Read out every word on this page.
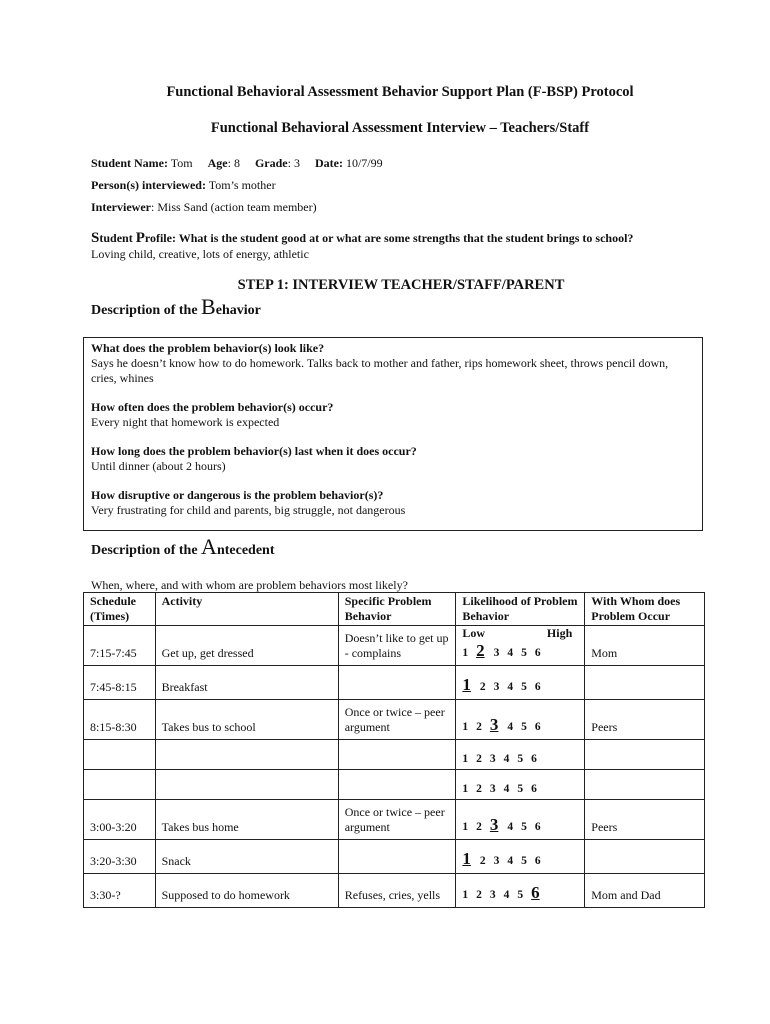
Functional Behavioral Assessment Behavior Support Plan (F-BSP) Protocol
Functional Behavioral Assessment Interview – Teachers/Staff
Student Name: Tom Age: 8 Grade: 3 Date: 10/7/99
Person(s) interviewed: Tom’s mother
Interviewer: Miss Sand (action team member)
Student Profile: What is the student good at or what are some strengths that the student brings to school?
Loving child, creative, lots of energy, athletic
STEP 1: INTERVIEW TEACHER/STAFF/PARENT
Description of the Behavior
What does the problem behavior(s) look like?
Says he doesn’t know how to do homework. Talks back to mother and father, rips homework sheet, throws pencil down, cries, whines
How often does the problem behavior(s) occur?
Every night that homework is expected
How long does the problem behavior(s) last when it does occur?
Until dinner (about 2 hours)
How disruptive or dangerous is the problem behavior(s)?
Very frustrating for child and parents, big struggle, not dangerous
Description of the Antecedent
When, where, and with whom are problem behaviors most likely?
Schedule (Times)	Activity	Specific Problem Behavior	Likelihood of Problem Behavior	With Whom does Problem Occur

7:15-7:45	Get up, get dressed	Doesn’t like to get up - complains	Low High
1 2 3 4 5 6	Mom

7:45-8:15	Breakfast		1 2 3 4 5 6	

8:15-8:30	Takes bus to school	Once or twice – peer argument	1 2 3 4 5 6	Peers

			1 2 3 4 5 6	

			1 2 3 4 5 6	

3:00-3:20	Takes bus home	Once or twice – peer argument	1 2 3 4 5 6	Peers

3:20-3:30	Snack		1 2 3 4 5 6	

3:30-?	Supposed to do homework	Refuses, cries, yells	1 2 3 4 5 6	Mom and Dad
